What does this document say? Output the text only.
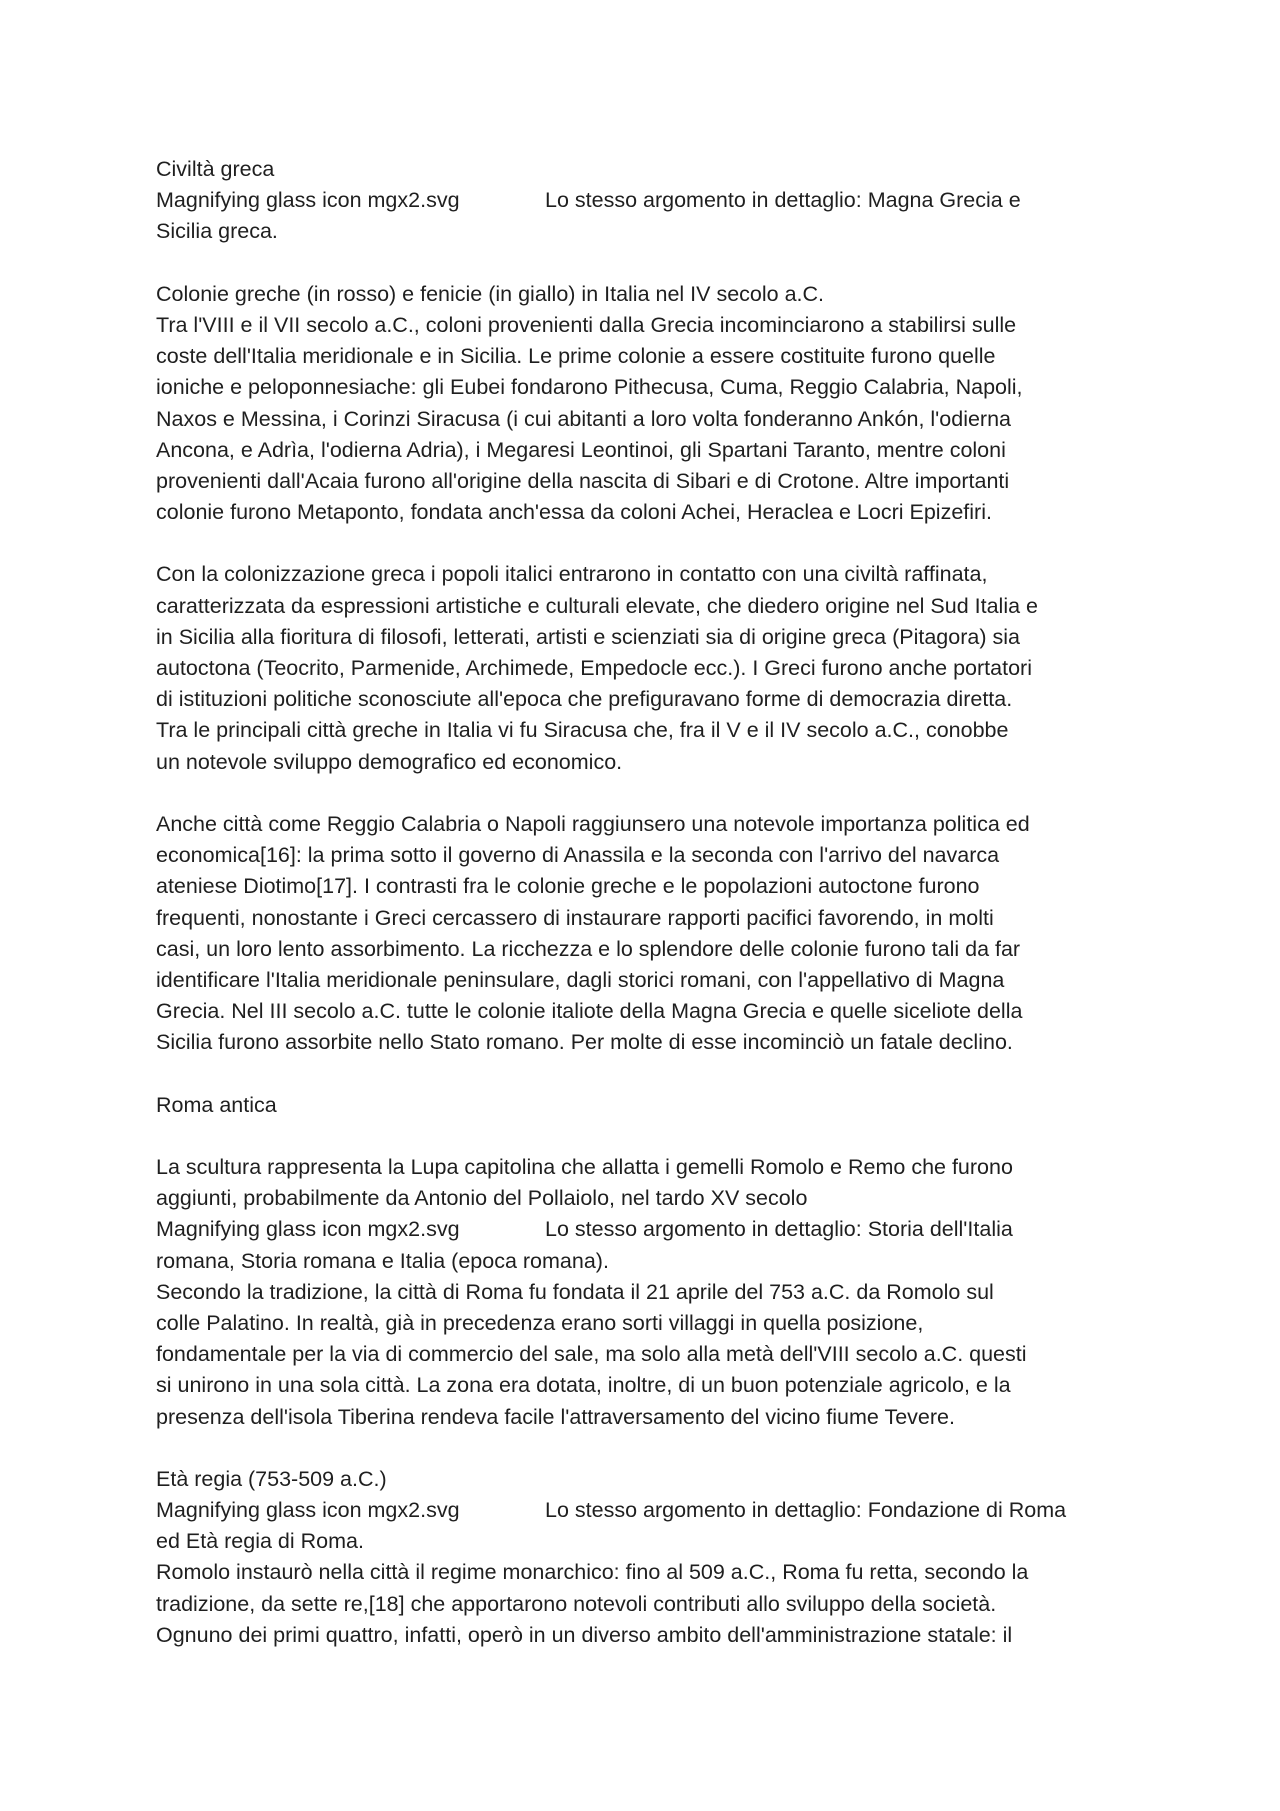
Civiltà greca
Magnifying glass icon mgx2.svg	Lo stesso argomento in dettaglio: Magna Grecia e
Sicilia greca.
Colonie greche (in rosso) e fenicie (in giallo) in Italia nel IV secolo a.C.
Tra l'VIII e il VII secolo a.C., coloni provenienti dalla Grecia incominciarono a stabilirsi sulle
coste dell'Italia meridionale e in Sicilia. Le prime colonie a essere costituite furono quelle
ioniche e peloponnesiache: gli Eubei fondarono Pithecusa, Cuma, Reggio Calabria, Napoli,
Naxos e Messina, i Corinzi Siracusa (i cui abitanti a loro volta fonderanno Ankón, l'odierna
Ancona, e Adrìa, l'odierna Adria), i Megaresi Leontinoi, gli Spartani Taranto, mentre coloni
provenienti dall'Acaia furono all'origine della nascita di Sibari e di Crotone. Altre importanti
colonie furono Metaponto, fondata anch'essa da coloni Achei, Heraclea e Locri Epizefiri.
Con la colonizzazione greca i popoli italici entrarono in contatto con una civiltà raffinata,
caratterizzata da espressioni artistiche e culturali elevate, che diedero origine nel Sud Italia e
in Sicilia alla fioritura di filosofi, letterati, artisti e scienziati sia di origine greca (Pitagora) sia
autoctona (Teocrito, Parmenide, Archimede, Empedocle ecc.). I Greci furono anche portatori
di istituzioni politiche sconosciute all'epoca che prefiguravano forme di democrazia diretta.
Tra le principali città greche in Italia vi fu Siracusa che, fra il V e il IV secolo a.C., conobbe
un notevole sviluppo demografico ed economico.
Anche città come Reggio Calabria o Napoli raggiunsero una notevole importanza politica ed
economica[16]: la prima sotto il governo di Anassila e la seconda con l'arrivo del navarca
ateniese Diotimo[17]. I contrasti fra le colonie greche e le popolazioni autoctone furono
frequenti, nonostante i Greci cercassero di instaurare rapporti pacifici favorendo, in molti
casi, un loro lento assorbimento. La ricchezza e lo splendore delle colonie furono tali da far
identificare l'Italia meridionale peninsulare, dagli storici romani, con l'appellativo di Magna
Grecia. Nel III secolo a.C. tutte le colonie italiote della Magna Grecia e quelle siceliote della
Sicilia furono assorbite nello Stato romano. Per molte di esse incominciò un fatale declino.
Roma antica
La scultura rappresenta la Lupa capitolina che allatta i gemelli Romolo e Remo che furono
aggiunti, probabilmente da Antonio del Pollaiolo, nel tardo XV secolo
Magnifying glass icon mgx2.svg	Lo stesso argomento in dettaglio: Storia dell'Italia
romana, Storia romana e Italia (epoca romana).
Secondo la tradizione, la città di Roma fu fondata il 21 aprile del 753 a.C. da Romolo sul
colle Palatino. In realtà, già in precedenza erano sorti villaggi in quella posizione,
fondamentale per la via di commercio del sale, ma solo alla metà dell'VIII secolo a.C. questi
si unirono in una sola città. La zona era dotata, inoltre, di un buon potenziale agricolo, e la
presenza dell'isola Tiberina rendeva facile l'attraversamento del vicino fiume Tevere.
Età regia (753-509 a.C.)
Magnifying glass icon mgx2.svg	Lo stesso argomento in dettaglio: Fondazione di Roma
ed Età regia di Roma.
Romolo instaurò nella città il regime monarchico: fino al 509 a.C., Roma fu retta, secondo la
tradizione, da sette re,[18] che apportarono notevoli contributi allo sviluppo della società.
Ognuno dei primi quattro, infatti, operò in un diverso ambito dell'amministrazione statale: il
